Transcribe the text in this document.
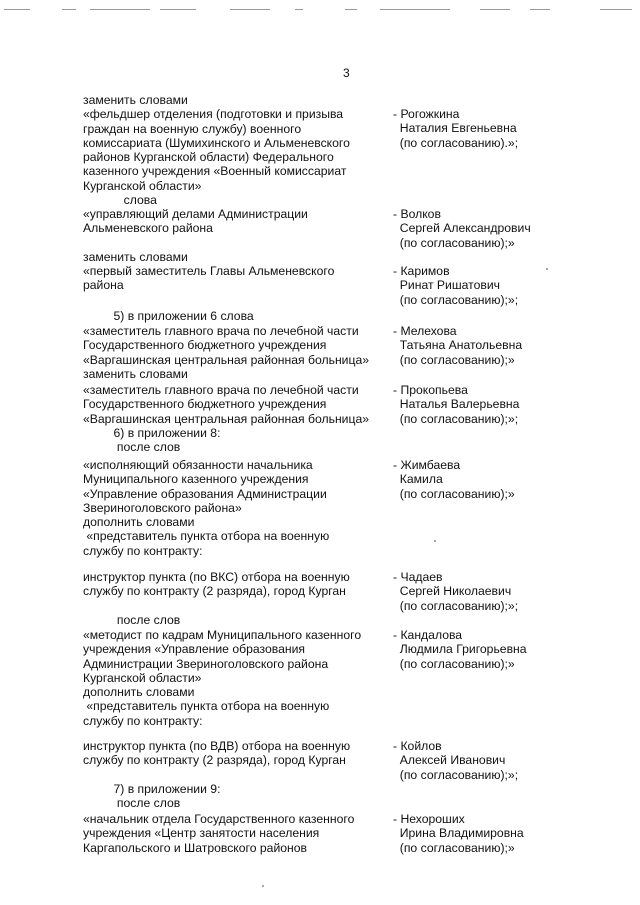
3
заменить словами
«фельдшер отделения (подготовки и призыва
граждан на военную службу) военного
комиссариата (Шумихинского и Альменевского
районов Курганской области) Федерального
казенного учреждения «Военный комиссариат
Курганской области»
слова
- Рогожкина
Наталия Евгеньевна
(по согласованию).»;
«управляющий делами Администрации
Альменевского района
- Волков
Сергей Александрович
(по согласованию);»
заменить словами
«первый заместитель Главы Альменевского
района
- Каримов
Ринат Ришатович
(по согласованию);»;
5) в приложении 6 слова
«заместитель главного врача по лечебной части
Государственного бюджетного учреждения
«Варгашинская центральная районная больница»
заменить словами
- Мелехова
Татьяна Анатольевна
(по согласованию);»
«заместитель главного врача по лечебной части
Государственного бюджетного учреждения
«Варгашинская центральная районная больница»
6) в приложении 8:
после слов
- Прокопьева
Наталья Валерьевна
(по согласованию);»;
«исполняющий обязанности начальника
Муниципального казенного учреждения
«Управление образования Администрации
Звериноголовского района»
дополнить словами
«представитель пункта отбора на военную
службу по контракту:
- Жимбаева
Камила
(по согласованию);»
инструктор пункта (по ВКС) отбора на военную
службу по контракту (2 разряда), город Курган
после слов
- Чадаев
Сергей Николаевич
(по согласованию);»;
«методист по кадрам Муниципального казенного
учреждения «Управление образования
Администрации Звериноголовского района
Курганской области»
дополнить словами
«представитель пункта отбора на военную
службу по контракту:
- Кандалова
Людмила Григорьевна
(по согласованию);»
инструктор пункта (по ВДВ) отбора на военную
службу по контракту (2 разряда), город Курган
7) в приложении 9:
после слов
- Койлов
Алексей Иванович
(по согласованию);»;
«начальник отдела Государственного казенного
учреждения «Центр занятости населения
Каргапольского и Шатровского районов
- Нехороших
Ирина Владимировна
(по согласованию);»
